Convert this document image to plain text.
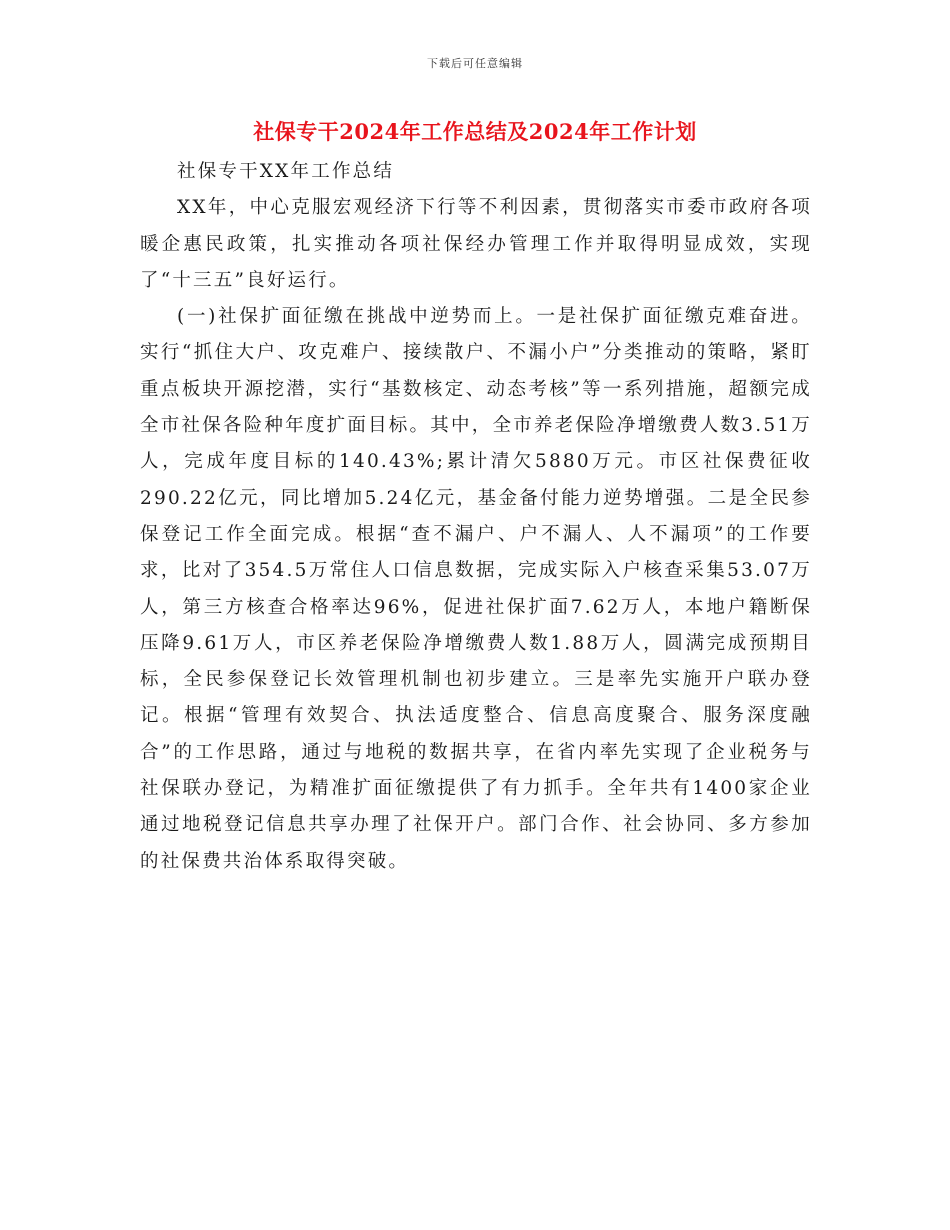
下载后可任意编辑
社保专干2024年工作总结及2024年工作计划

社保专干XX年工作总结

XX年，中心克服宏观经济下行等不利因素，贯彻落实市委市政府各项暖企惠民政策，扎实推动各项社保经办管理工作并取得明显成效，实现了“十三五”良好运行。

(一)社保扩面征缴在挑战中逆势而上。一是社保扩面征缴克难奋进。实行“抓住大户、攻克难户、接续散户、不漏小户”分类推动的策略，紧盯重点板块开源挖潜，实行“基数核定、动态考核”等一系列措施，超额完成全市社保各险种年度扩面目标。其中，全市养老保险净增缴费人数3.51万人，完成年度目标的140.43%;累计清欠5880万元。市区社保费征收290.22亿元，同比增加5.24亿元，基金备付能力逆势增强。二是全民参保登记工作全面完成。根据“查不漏户、户不漏人、人不漏项”的工作要求，比对了354.5万常住人口信息数据，完成实际入户核查采集53.07万人，第三方核查合格率达96%，促进社保扩面7.62万人，本地户籍断保压降9.61万人，市区养老保险净增缴费人数1.88万人，圆满完成预期目标，全民参保登记长效管理机制也初步建立。三是率先实施开户联办登记。根据“管理有效契合、执法适度整合、信息高度聚合、服务深度融合”的工作思路，通过与地税的数据共享，在省内率先实现了企业税务与社保联办登记，为精准扩面征缴提供了有力抓手。全年共有1400家企业通过地税登记信息共享办理了社保开户。部门合作、社会协同、多方参加的社保费共治体系取得突破。
